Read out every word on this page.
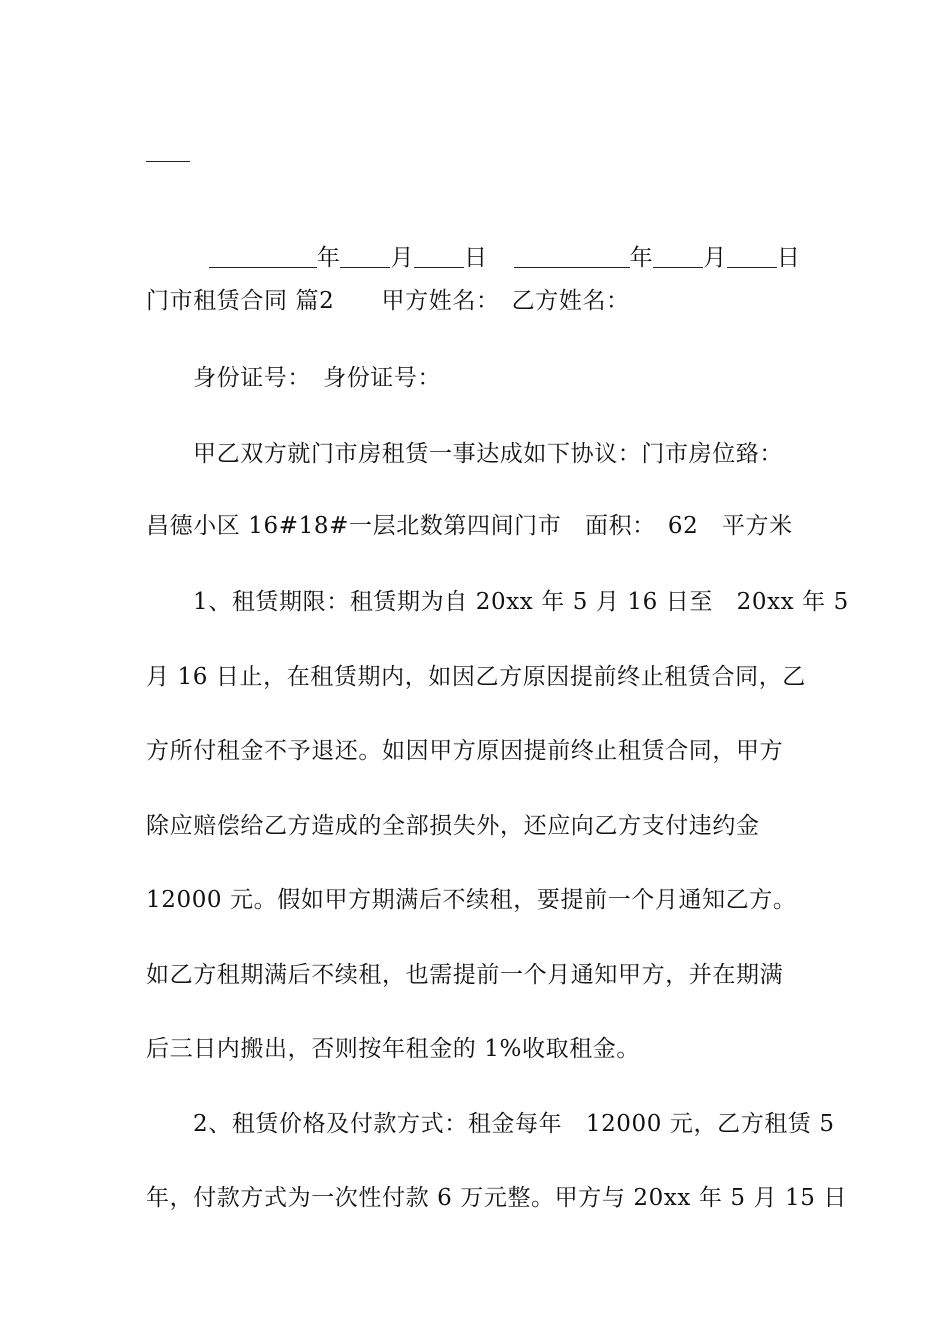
年 月 日	年 月 日

门市租赁合同 篇2　　甲方姓名：　乙方姓名：
身份证号：　身份证号：
甲乙双方就门市房租赁一事达成如下协议：门市房位臵：
昌德小区 16#18#一层北数第四间门市　面积：　62　平方米
1、租赁期限：租赁期为自 20xx 年 5 月 16 日至　20xx 年 5
月 16 日止，在租赁期内，如因乙方原因提前终止租赁合同，乙
方所付租金不予退还。如因甲方原因提前终止租赁合同，甲方
除应赔偿给乙方造成的全部损失外，还应向乙方支付违约金
12000 元。假如甲方期满后不续租，要提前一个月通知乙方。
如乙方租期满后不续租，也需提前一个月通知甲方，并在期满
后三日内搬出，否则按年租金的 1%收取租金。
2、租赁价格及付款方式：租金每年　12000 元，乙方租赁 5
年，付款方式为一次性付款 6 万元整。甲方与 20xx 年 5 月 15 日
